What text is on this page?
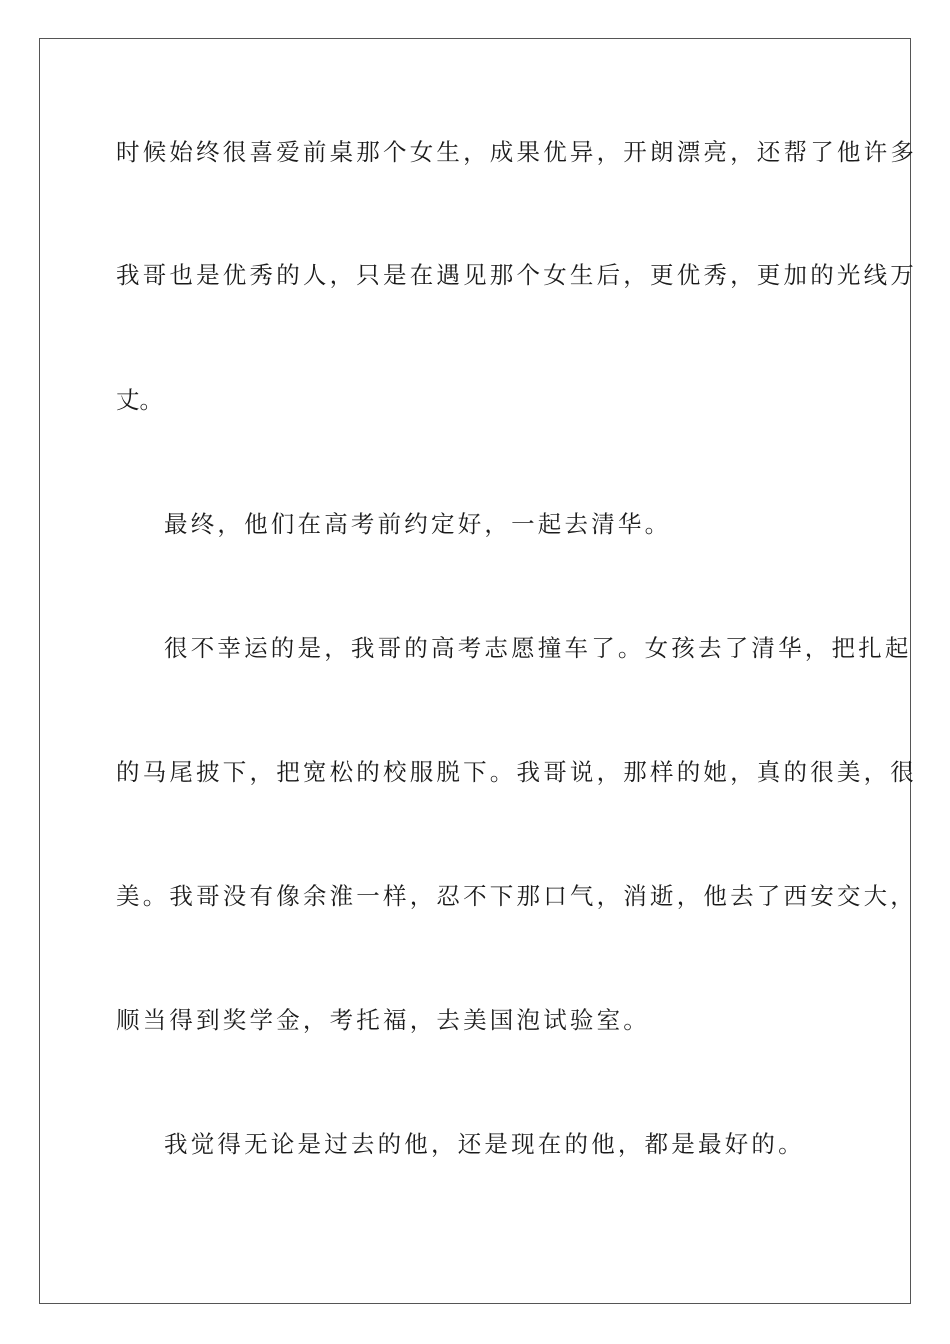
时候始终很喜爱前桌那个女生，成果优异，开朗漂亮，还帮了他许多
我哥也是优秀的人，只是在遇见那个女生后，更优秀，更加的光线万
丈。
最终，他们在高考前约定好，一起去清华。
很不幸运的是，我哥的高考志愿撞车了。女孩去了清华，把扎起
的马尾披下，把宽松的校服脱下。我哥说，那样的她，真的很美，很
美。我哥没有像余淮一样，忍不下那口气，消逝，他去了西安交大，
顺当得到奖学金，考托福，去美国泡试验室。
我觉得无论是过去的他，还是现在的他，都是最好的。
